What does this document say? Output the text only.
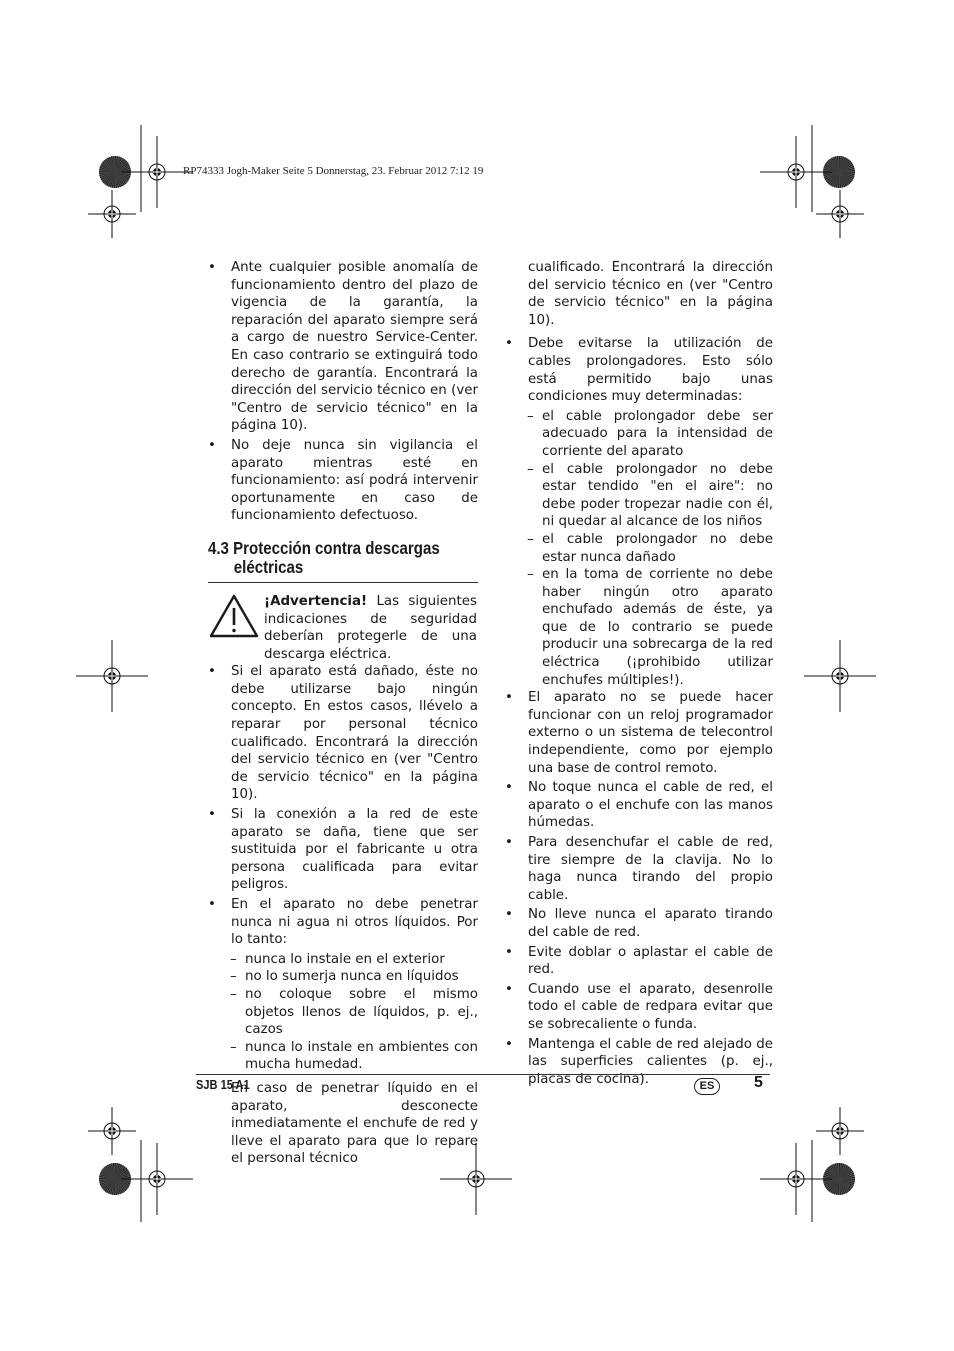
RP74333 Jogh-Maker Seite 5 Donnerstag, 23. Februar 2012 7:12 19
• Ante cualquier posible anomalía de funcionamiento dentro del plazo de vigencia de la garantía, la reparación del aparato siempre será a cargo de nuestro Service-Center. En caso contrario se extinguirá todo derecho de garantía. Encontrará la dirección del servicio técnico en (ver "Centro de servicio técnico" en la página 10).
• No deje nunca sin vigilancia el aparato mientras esté en funcionamiento: así podrá intervenir oportunamente en caso de funcionamiento defectuoso.
4.3 Protección contra descargas
eléctricas
¡Advertencia! Las siguientes indicaciones de seguridad deberían protegerle de una descarga eléctrica.
• Si el aparato está dañado, éste no debe utilizarse bajo ningún concepto. En estos casos, llévelo a reparar por personal técnico cualificado. Encontrará la dirección del servicio técnico en (ver "Centro de servicio técnico" en la página 10).
• Si la conexión a la red de este aparato se daña, tiene que ser sustituida por el fabricante u otra persona cualificada para evitar peligros.
• En el aparato no debe penetrar nunca ni agua ni otros líquidos. Por lo tanto:
– nunca lo instale en el exterior
– no lo sumerja nunca en líquidos
– no coloque sobre el mismo objetos llenos de líquidos, p. ej., cazos
– nunca lo instale en ambientes con mucha humedad.
En caso de penetrar líquido en el aparato, desconecte inmediatamente el enchufe de red y lleve el aparato para que lo repare el personal técnico
cualificado. Encontrará la dirección del servicio técnico en (ver "Centro de servicio técnico" en la página 10).
• Debe evitarse la utilización de cables prolongadores. Esto sólo está permitido bajo unas condiciones muy determinadas:
– el cable prolongador debe ser adecuado para la intensidad de corriente del aparato
– el cable prolongador no debe estar tendido "en el aire": no debe poder tropezar nadie con él, ni quedar al alcance de los niños
– el cable prolongador no debe estar nunca dañado
– en la toma de corriente no debe haber ningún otro aparato enchufado además de éste, ya que de lo contrario se puede producir una sobrecarga de la red eléctrica (¡prohibido utilizar enchufes múltiples!).
• El aparato no se puede hacer funcionar con un reloj programador externo o un sistema de telecontrol independiente, como por ejemplo una base de control remoto.
• No toque nunca el cable de red, el aparato o el enchufe con las manos húmedas.
• Para desenchufar el cable de red, tire siempre de la clavija. No lo haga nunca tirando del propio cable.
• No lleve nunca el aparato tirando del cable de red.
• Evite doblar o aplastar el cable de red.
• Cuando use el aparato, desenrolle todo el cable de redpara evitar que se sobrecaliente o funda.
• Mantenga el cable de red alejado de las superficies calientes (p. ej., placas de cocina).
SJB 15 A1	ES	5
